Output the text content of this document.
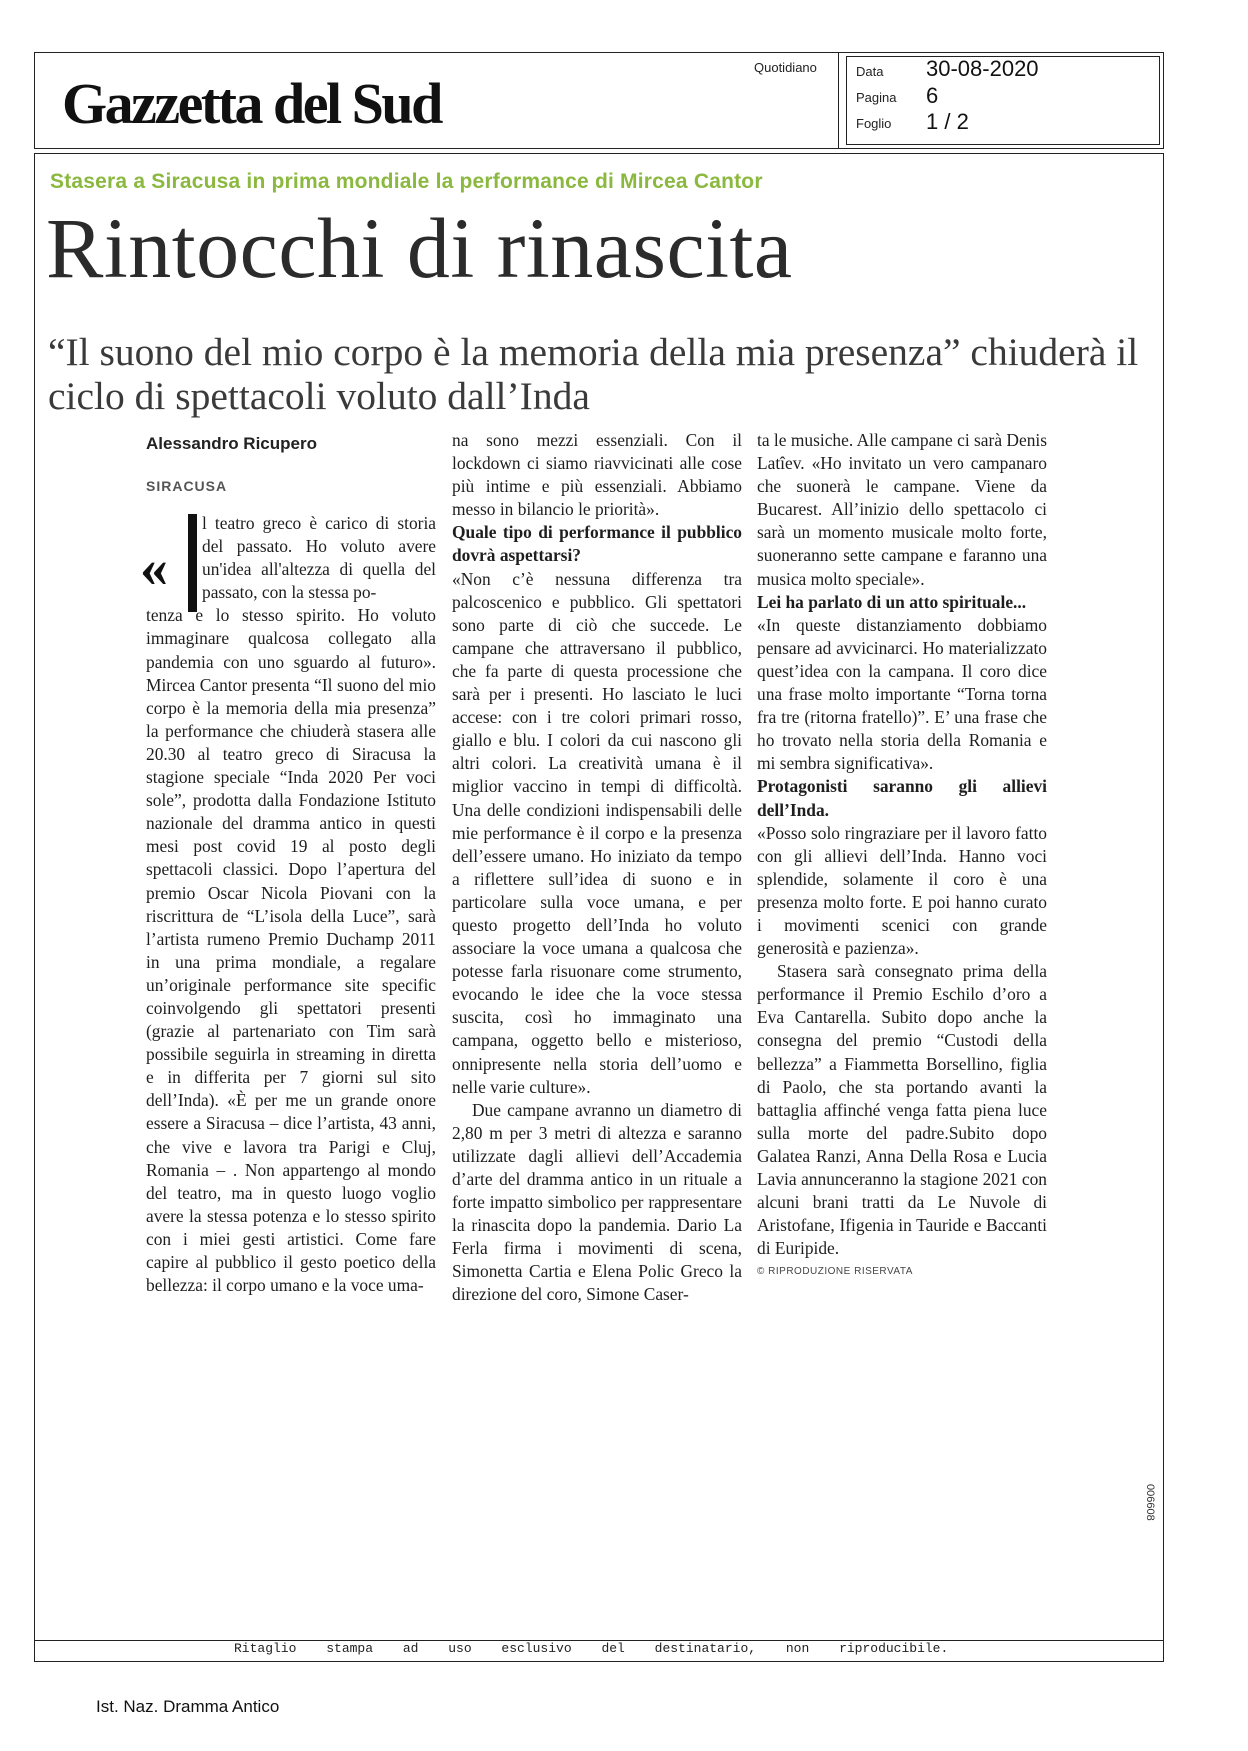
Gazzetta del Sud
Quotidiano	Data 30-08-2020
Pagina 6
Foglio 1 / 2
Stasera a Siracusa in prima mondiale la performance di Mircea Cantor
Rintocchi di rinascita
“Il suono del mio corpo è la memoria della mia presenza” chiuderà il ciclo di spettacoli voluto dall’Inda
Alessandro Ricupero
SIRACUSA
«

l teatro greco è carico di storia del passato. Ho voluto avere un'idea all'altezza di quella del passato, con la stessa po-

tenza e lo stesso spirito. Ho voluto immaginare qualcosa collegato alla pandemia con uno sguardo al futuro». Mircea Cantor presenta “Il suono del mio corpo è la memoria della mia presenza” la performance che chiuderà stasera alle 20.30 al teatro greco di Siracusa la stagione speciale “Inda 2020 Per voci sole”, prodotta dalla Fondazione Istituto nazionale del dramma antico in questi mesi post covid 19 al posto degli spettacoli classici. Dopo l’apertura del premio Oscar Nicola Piovani con la riscrittura de “L’isola della Luce”, sarà l’artista rumeno Premio Duchamp 2011 in una prima mondiale, a regalare un’originale performance site specific coinvolgendo gli spettatori presenti (grazie al partenariato con Tim sarà possibile seguirla in streaming in diretta e in differita per 7 giorni sul sito dell’Inda). «È per me un grande onore essere a Siracusa – dice l’artista, 43 anni, che vive e lavora tra Parigi e Cluj, Romania – . Non appartengo al mondo del teatro, ma in questo luogo voglio avere la stessa potenza e lo stesso spirito con i miei gesti artistici. Come fare capire al pubblico il gesto poetico della bellezza: il corpo umano e la voce uma-

na sono mezzi essenziali. Con il lockdown ci siamo riavvicinati alle cose più intime e più essenziali. Abbiamo messo in bilancio le priorità».

Quale tipo di performance il pubblico dovrà aspettarsi?

«Non c’è nessuna differenza tra palcoscenico e pubblico. Gli spettatori sono parte di ciò che succede. Le campane che attraversano il pubblico, che fa parte di questa processione che sarà per i presenti. Ho lasciato le luci accese: con i tre colori primari rosso, giallo e blu. I colori da cui nascono gli altri colori. La creatività umana è il miglior vaccino in tempi di difficoltà. Una delle condizioni indispensabili delle mie performance è il corpo e la presenza dell’essere umano. Ho iniziato da tempo a riflettere sull’idea di suono e in particolare sulla voce umana, e per questo progetto dell’Inda ho voluto associare la voce umana a qualcosa che potesse farla risuonare come strumento, evocando le idee che la voce stessa suscita, così ho immaginato una campana, oggetto bello e misterioso, onnipresente nella storia dell’uomo e nelle varie culture».

Due campane avranno un diametro di 2,80 m per 3 metri di altezza e saranno utilizzate dagli allievi dell’Accademia d’arte del dramma antico in un rituale a forte impatto simbolico per rappresentare la rinascita dopo la pandemia. Dario La Ferla firma i movimenti di scena, Simonetta Cartia e Elena Polic Greco la direzione del coro, Simone Caser-

ta le musiche. Alle campane ci sarà Denis Latîev. «Ho invitato un vero campanaro che suonerà le campane. Viene da Bucarest. All’inizio dello spettacolo ci sarà un momento musicale molto forte, suoneranno sette campane e faranno una musica molto speciale».

Lei ha parlato di un atto spirituale...

«In queste distanziamento dobbiamo pensare ad avvicinarci. Ho materializzato quest’idea con la campana. Il coro dice una frase molto importante “Torna torna fra tre (ritorna fratello)”. E’ una frase che ho trovato nella storia della Romania e mi sembra significativa».

Protagonisti saranno gli allievi dell’Inda.

«Posso solo ringraziare per il lavoro fatto con gli allievi dell’Inda. Hanno voci splendide, solamente il coro è una presenza molto forte. E poi hanno curato i movimenti scenici con grande generosità e pazienza».

Stasera sarà consegnato prima della performance il Premio Eschilo d’oro a Eva Cantarella. Subito dopo anche la consegna del premio “Custodi della bellezza” a Fiammetta Borsellino, figlia di Paolo, che sta portando avanti la battaglia affinché venga fatta piena luce sulla morte del padre.Subito dopo Galatea Ranzi, Anna Della Rosa e Lucia Lavia annunceranno la stagione 2021 con alcuni brani tratti da Le Nuvole di Aristofane, Ifigenia in Tauride e Baccanti di Euripide.

© RIPRODUZIONE RISERVATA

006608
Ritaglio stampa ad uso esclusivo del destinatario, non riproducibile.
Ist. Naz. Dramma Antico
